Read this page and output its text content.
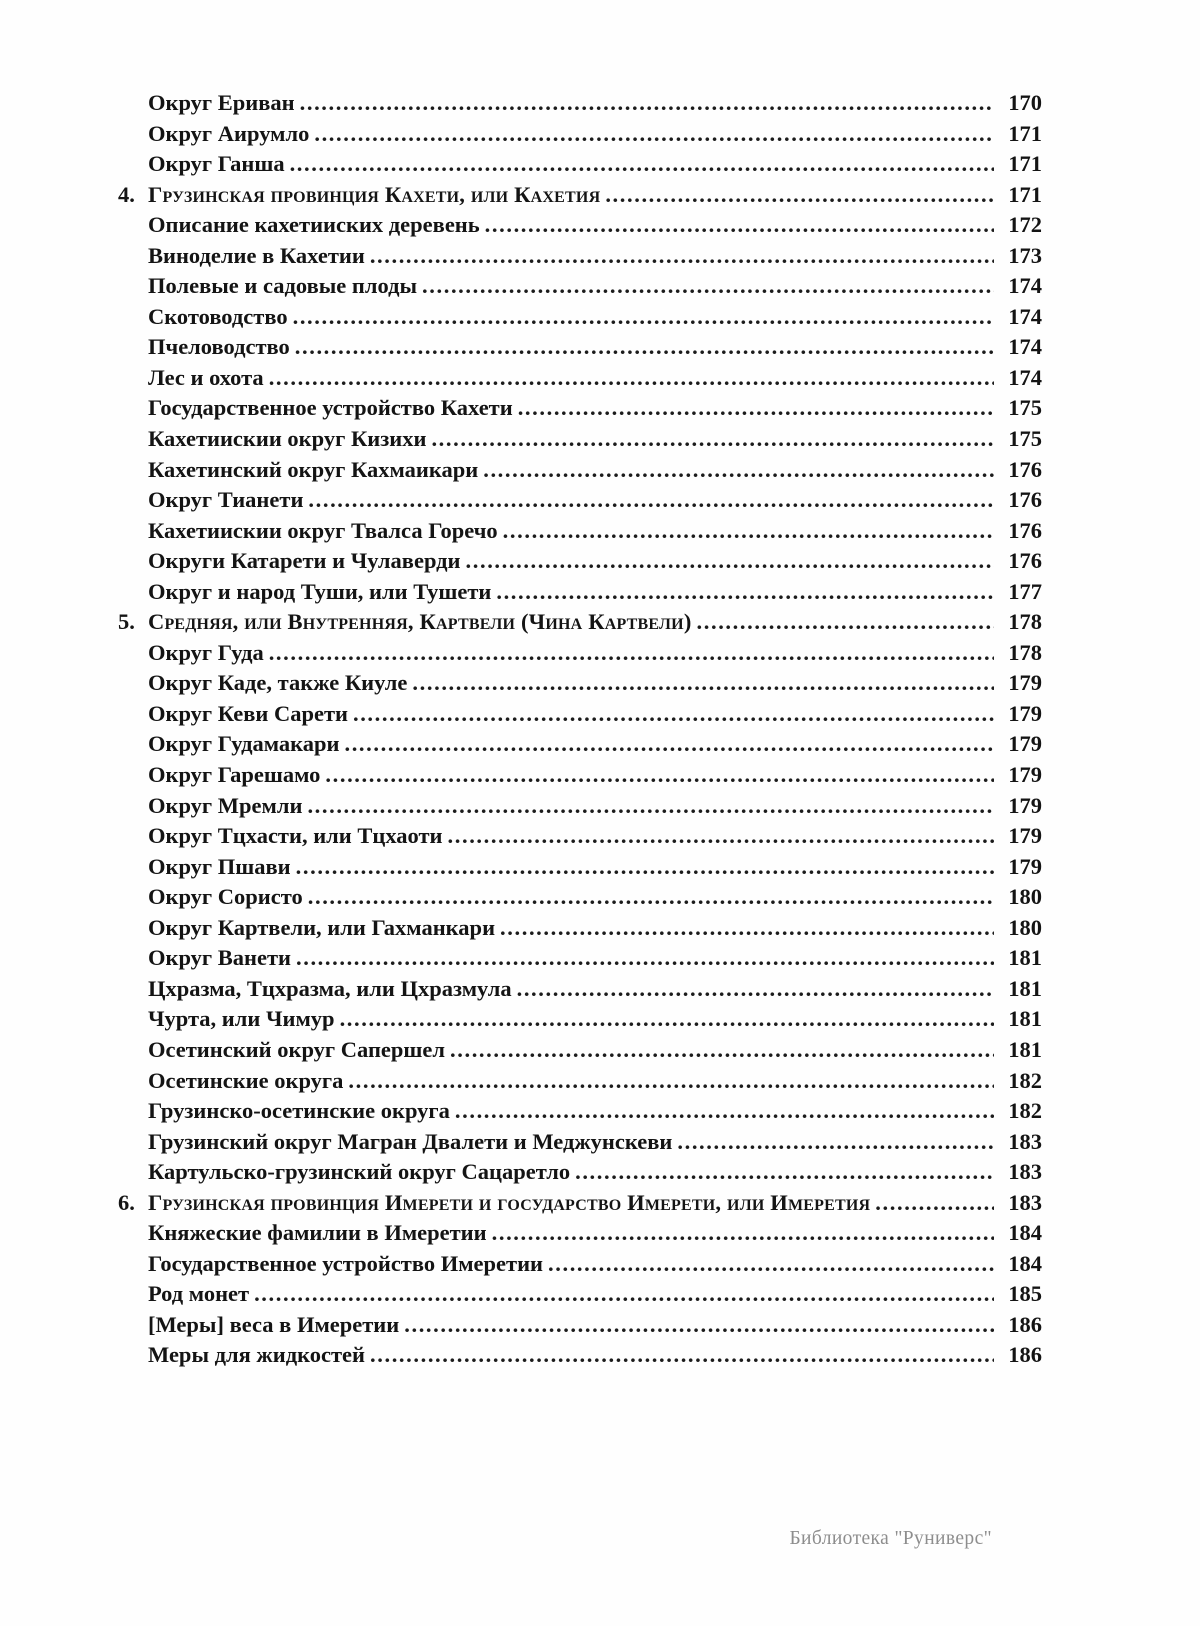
Округ Ериван .....	170
Округ Аирумло .....	171
Округ Ганша .....	171
4. Грузинская провинция Кахети, или Кахетия .....	171
Описание кахетииских деревень .....	172
Виноделие в Кахетии .....	173
Полевые и садовые плоды .....	174
Скотоводство .....	174
Пчеловодство .....	174
Лес и охота .....	174
Государственное устройство Кахети .....	175
Кахетиискии округ Кизихи .....	175
Кахетинский округ Кахмаикари .....	176
Округ Тианети .....	176
Кахетиискии округ Твалса Горечо .....	176
Округи Катарети и Чулаверди .....	176
Округ и народ Туши, или Тушети .....	177
5. Средняя, или Внутренняя, Картвели (Чина Картвели) .....	178
Округ Гуда .....	178
Округ Каде, также Киуле .....	179
Округ Кеви Сарети .....	179
Округ Гудамакари .....	179
Округ Гарешамо .....	179
Округ Мремли .....	179
Округ Тцхасти, или Тцхаоти .....	179
Округ Пшави .....	179
Округ Сористо .....	180
Округ Картвели, или Гахманкари .....	180
Округ Ванети .....	181
Цхразма, Тцхразма, или Цхразмула .....	181
Чурта, или Чимур .....	181
Осетинский округ Сапершел .....	181
Осетинские округа .....	182
Грузинско-осетинские округа .....	182
Грузинский округ Магран Двалети и Меджунскеви .....	183
Картульско-грузинский округ Сацаретло .....	183
6. Грузинская провинция Имерети и государство Имерети, или Имеретия .....	183
Княжеские фамилии в Имеретии .....	184
Государственное устройство Имеретии .....	184
Род монет .....	185
[Меры] веса в Имеретии .....	186
Меры для жидкостей .....	186
Библиотека "Руниверс"
